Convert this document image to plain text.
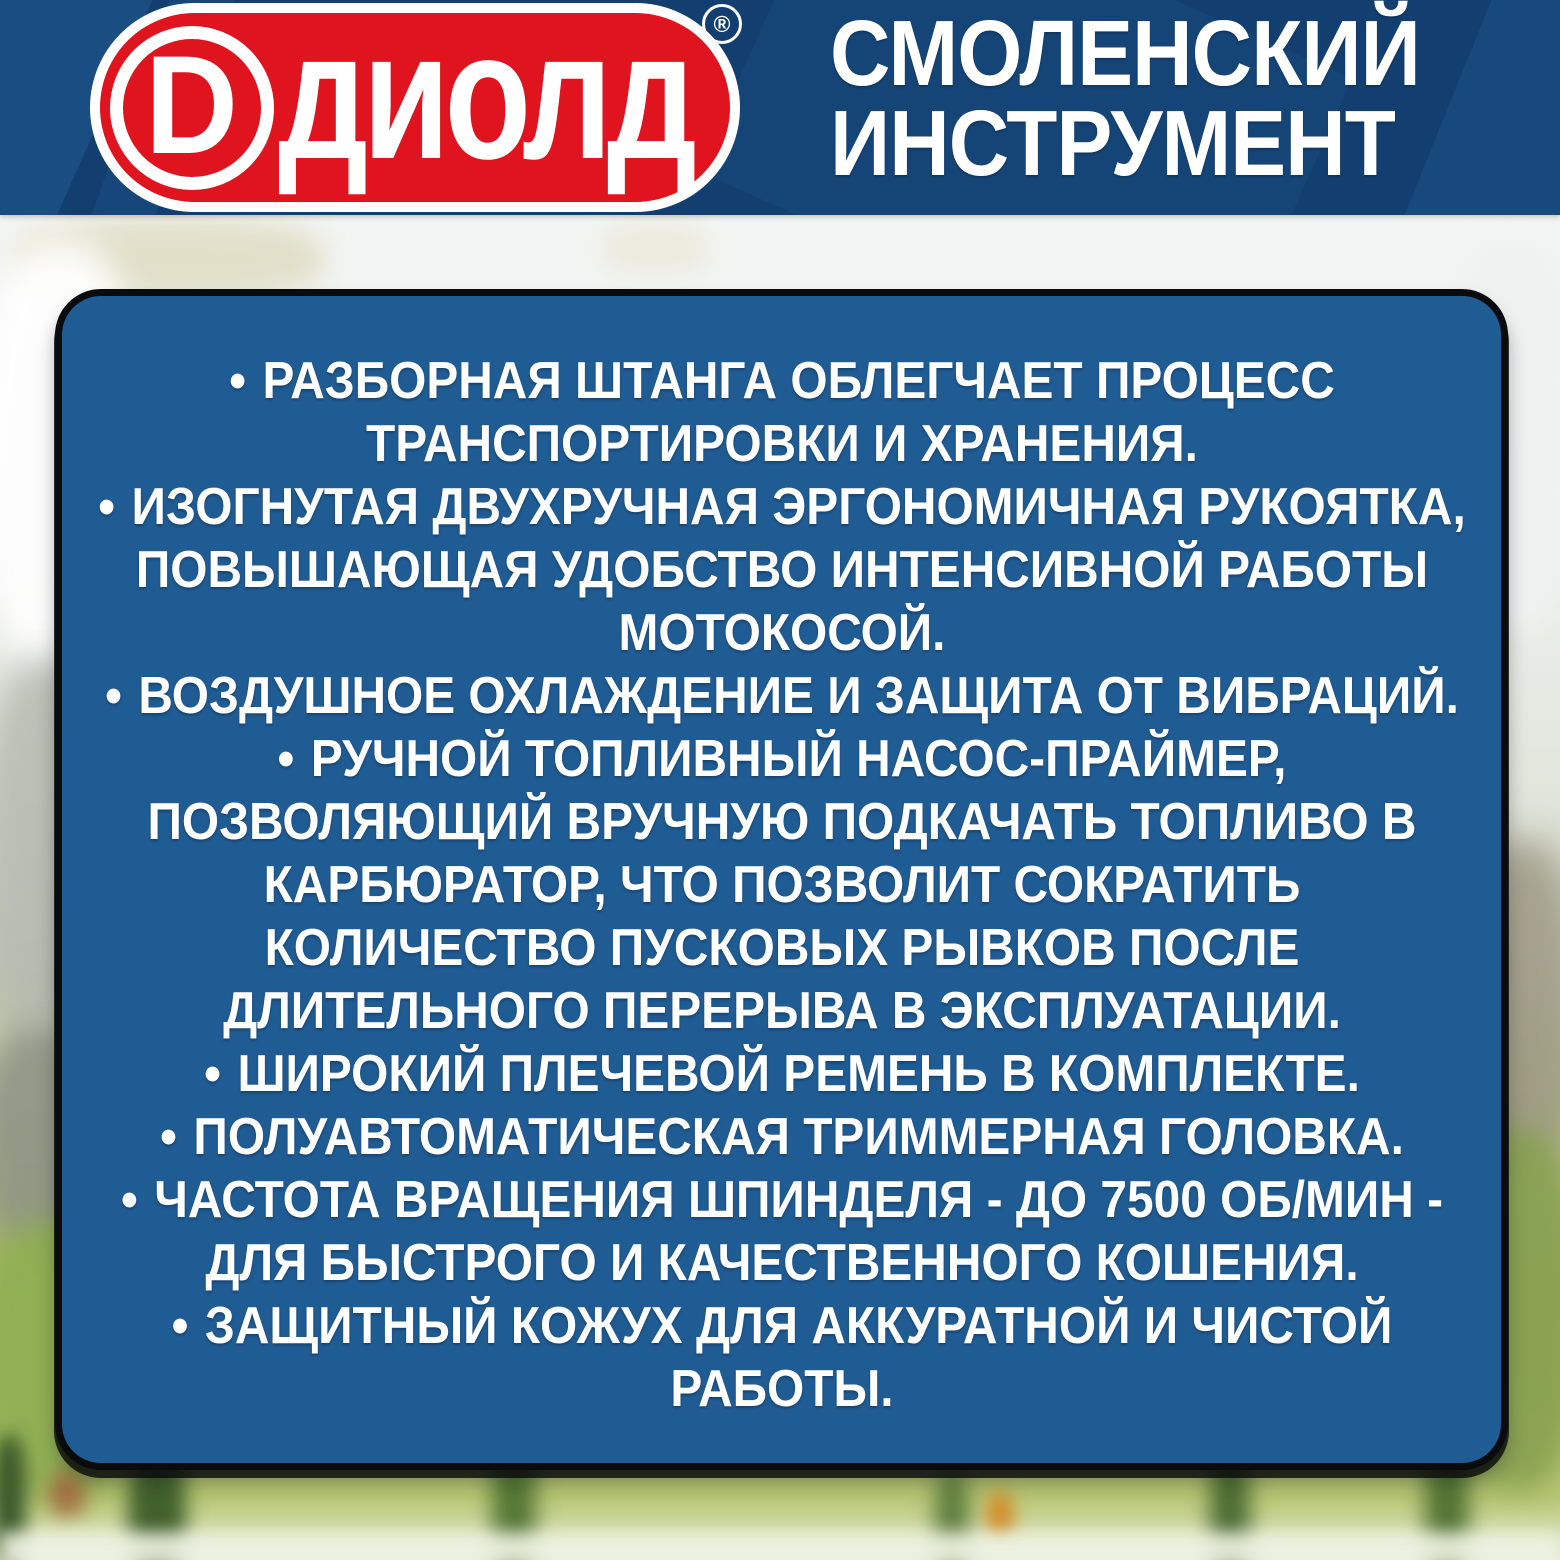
D диолд ® СМОЛЕНСКИЙ
ИНСТРУМЕНТ
• РАЗБОРНАЯ ШТАНГА ОБЛЕГЧАЕТ ПРОЦЕСС
ТРАНСПОРТИРОВКИ И ХРАНЕНИЯ.
• ИЗОГНУТАЯ ДВУХРУЧНАЯ ЭРГОНОМИЧНАЯ РУКОЯТКА,
ПОВЫШАЮЩАЯ УДОБСТВО ИНТЕНСИВНОЙ РАБОТЫ
МОТОКОСОЙ.
• ВОЗДУШНОЕ ОХЛАЖДЕНИЕ И ЗАЩИТА ОТ ВИБРАЦИЙ.
• РУЧНОЙ ТОПЛИВНЫЙ НАСОС-ПРАЙМЕР,
ПОЗВОЛЯЮЩИЙ ВРУЧНУЮ ПОДКАЧАТЬ ТОПЛИВО В
КАРБЮРАТОР, ЧТО ПОЗВОЛИТ СОКРАТИТЬ
КОЛИЧЕСТВО ПУСКОВЫХ РЫВКОВ ПОСЛЕ
ДЛИТЕЛЬНОГО ПЕРЕРЫВА В ЭКСПЛУАТАЦИИ.
• ШИРОКИЙ ПЛЕЧЕВОЙ РЕМЕНЬ В КОМПЛЕКТЕ.
• ПОЛУАВТОМАТИЧЕСКАЯ ТРИММЕРНАЯ ГОЛОВКА.
• ЧАСТОТА ВРАЩЕНИЯ ШПИНДЕЛЯ - ДО 7500 ОБ/МИН -
ДЛЯ БЫСТРОГО И КАЧЕСТВЕННОГО КОШЕНИЯ.
• ЗАЩИТНЫЙ КОЖУХ ДЛЯ АККУРАТНОЙ И ЧИСТОЙ
РАБОТЫ.
